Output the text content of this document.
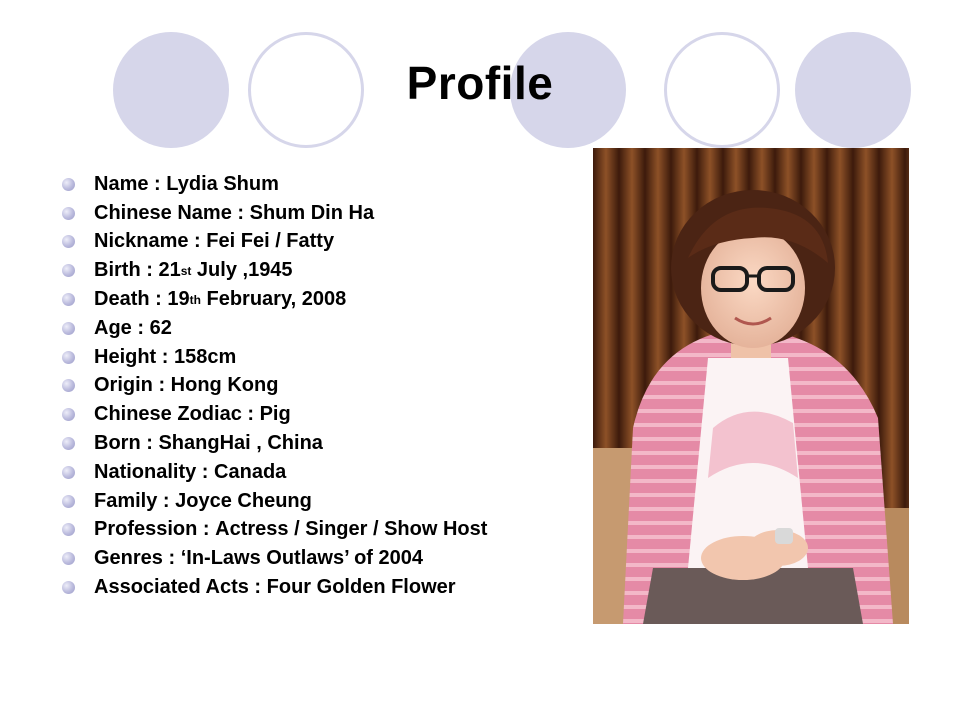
Profile
Name : Lydia Shum
Chinese Name : Shum Din Ha
Nickname : Fei Fei / Fatty
Birth : 21 st July ,1945
Death : 19 th February, 2008
Age : 62
Height : 158cm
Origin : Hong Kong
Chinese Zodiac : Pig
Born : ShangHai , China
Nationality : Canada
Family : Joyce Cheung
Profession : Actress / Singer / Show Host
Genres : ‘In-Laws Outlaws’ of 2004
Associated Acts : Four Golden Flower
